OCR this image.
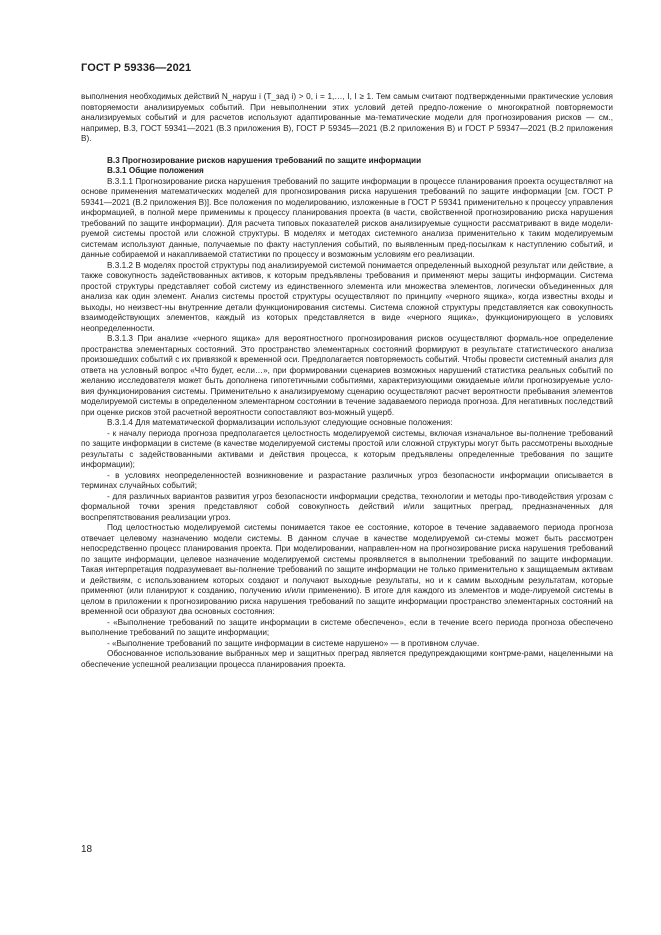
ГОСТ Р 59336—2021

выполнения необходимых действий N_наруш i (T_зад i) > 0, i = 1,…, I, I ≥ 1. Тем самым считают подтвержденными практические условия повторяемости анализируемых событий. При невыполнении этих условий детей предпо-ложение о многократной повторяемости анализируемых событий и для расчетов используют адаптированные ма-тематические модели для прогнозирования рисков — см., например, В.3, ГОСТ 59341—2021 (В.3 приложения В), ГОСТ Р 59345—2021 (В.2 приложения В) и ГОСТ Р 59347—2021 (В.2 приложения В).

В.3 Прогнозирование рисков нарушения требований по защите информации

В.3.1 Общие положения

В.3.1.1 Прогнозирование риска нарушения требований по защите информации в процессе планирования проекта осуществляют на основе применения математических моделей для прогнозирования риска нарушения требований по защите информации [см. ГОСТ Р 59341—2021 (В.2 приложения В)]. Все положения по моделированию, изложенные в ГОСТ Р 59341 применительно к процессу управления информацией, в полной мере применимы к процессу планирования проекта (в части, свойственной прогнозированию риска нарушения требований по защите информации). Для расчета типовых показателей рисков анализируемые сущности рассматривают в виде модели-руемой системы простой или сложной структуры. В моделях и методах системного анализа применительно к таким моделируемым системам используют данные, получаемые по факту наступления событий, по выявленным пред-посылкам к наступлению событий, и данные собираемой и накапливаемой статистики по процессу и возможным условиям его реализации.

В.3.1.2 В моделях простой структуры под анализируемой системой понимается определенный выходной результат или действие, а также совокупность задействованных активов, к которым предъявлены требования и применяют меры защиты информации. Система простой структуры представляет собой систему из единственного элемента или множества элементов, логически объединенных для анализа как один элемент. Анализ системы простой структуры осуществляют по принципу «черного ящика», когда известны входы и выходы, но неизвест-ны внутренние детали функционирования системы. Система сложной структуры представляется как совокупность взаимодействующих элементов, каждый из которых представляется в виде «черного ящика», функционирующего в условиях неопределенности.

В.3.1.3 При анализе «черного ящика» для вероятностного прогнозирования рисков осуществляют формаль-ное определение пространства элементарных состояний. Это пространство элементарных состояний формируют в результате статистического анализа произошедших событий с их привязкой к временной оси. Предполагается повторяемость событий. Чтобы провести системный анализ для ответа на условный вопрос «Что будет, если…», при формировании сценариев возможных нарушений статистика реальных событий по желанию исследователя может быть дополнена гипотетичными событиями, характеризующими ожидаемые и/или прогнозируемые усло-вия функционирования системы. Применительно к анализируемому сценарию осуществляют расчет вероятности пребывания элементов моделируемой системы в определенном элементарном состоянии в течение задаваемого периода прогноза. Для негативных последствий при оценке рисков этой расчетной вероятности сопоставляют воз-можный ущерб.

В.3.1.4 Для математической формализации используют следующие основные положения:

- к началу периода прогноза предполагается целостность моделируемой системы, включая изначальное вы-полнение требований по защите информации в системе (в качестве моделируемой системы простой или сложной структуры могут быть рассмотрены выходные результаты с задействованными активами и действия процесса, к которым предъявлены определенные требования по защите информации);

- в условиях неопределенностей возникновение и разрастание различных угроз безопасности информации описывается в терминах случайных событий;

- для различных вариантов развития угроз безопасности информации средства, технологии и методы про-тиводействия угрозам с формальной точки зрения представляют собой совокупность действий и/или защитных преград, предназначенных для воспрепятствования реализации угроз.

Под целостностью моделируемой системы понимается такое ее состояние, которое в течение задаваемого периода прогноза отвечает целевому назначению модели системы. В данном случае в качестве моделируемой си-стемы может быть рассмотрен непосредственно процесс планирования проекта. При моделировании, направлен-ном на прогнозирование риска нарушения требований по защите информации, целевое назначение моделируемой системы проявляется в выполнении требований по защите информации. Такая интерпретация подразумевает вы-полнение требований по защите информации не только применительно к защищаемым активам и действиям, с использованием которых создают и получают выходные результаты, но и к самим выходным результатам, которые применяют (или планируют к созданию, получению и/или применению). В итоге для каждого из элементов и моде-лируемой системы в целом в приложении к прогнозированию риска нарушения требований по защите информации пространство элементарных состояний на временной оси образуют два основных состояния:

- «Выполнение требований по защите информации в системе обеспечено», если в течение всего периода прогноза обеспечено выполнение требований по защите информации;

- «Выполнение требований по защите информации в системе нарушено» — в противном случае.

Обоснованное использование выбранных мер и защитных преград является предупреждающими контрме-рами, нацеленными на обеспечение успешной реализации процесса планирования проекта.

18
